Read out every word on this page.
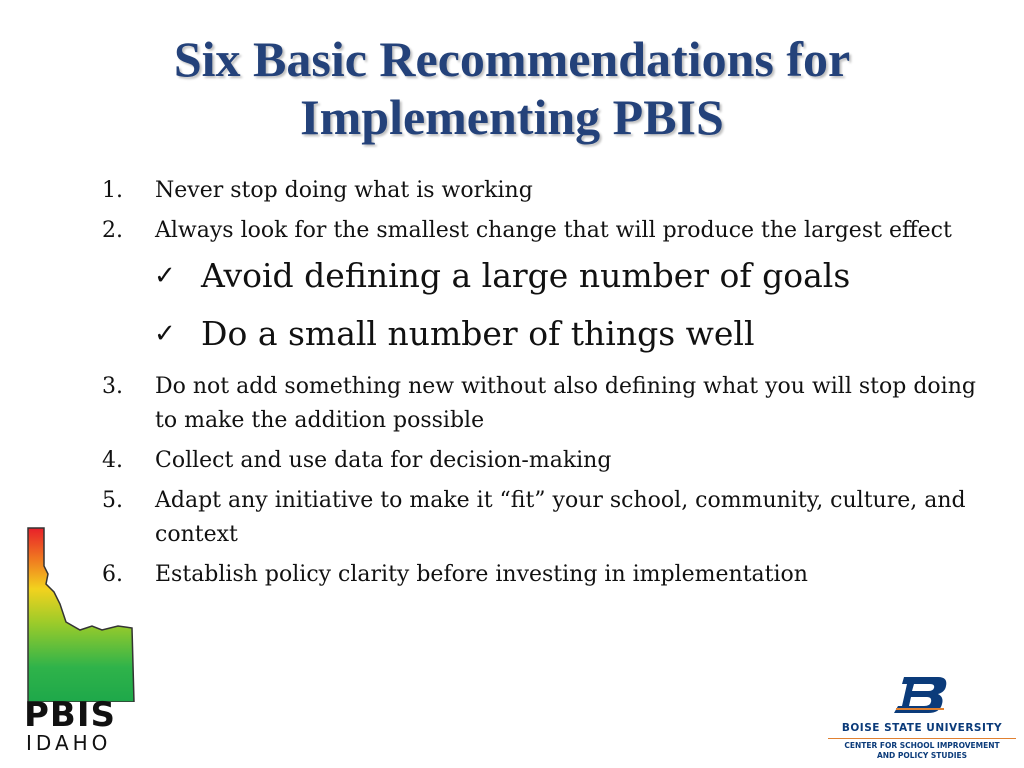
Six Basic Recommendations for Implementing PBIS
1.	Never stop doing what is working
2.	Always look for the smallest change that will produce the largest effect
✓ Avoid defining a large number of goals
✓ Do a small number of things well
3.	Do not add something new without also defining what you will stop doing to make the addition possible
4.	Collect and use data for decision-making
5.	Adapt any initiative to make it “fit” your school, community, culture, and context
6.	Establish policy clarity before investing in implementation
PBIS
IDAHO
BOISE STATE UNIVERSITY
CENTER FOR SCHOOL IMPROVEMENT
AND POLICY STUDIES
